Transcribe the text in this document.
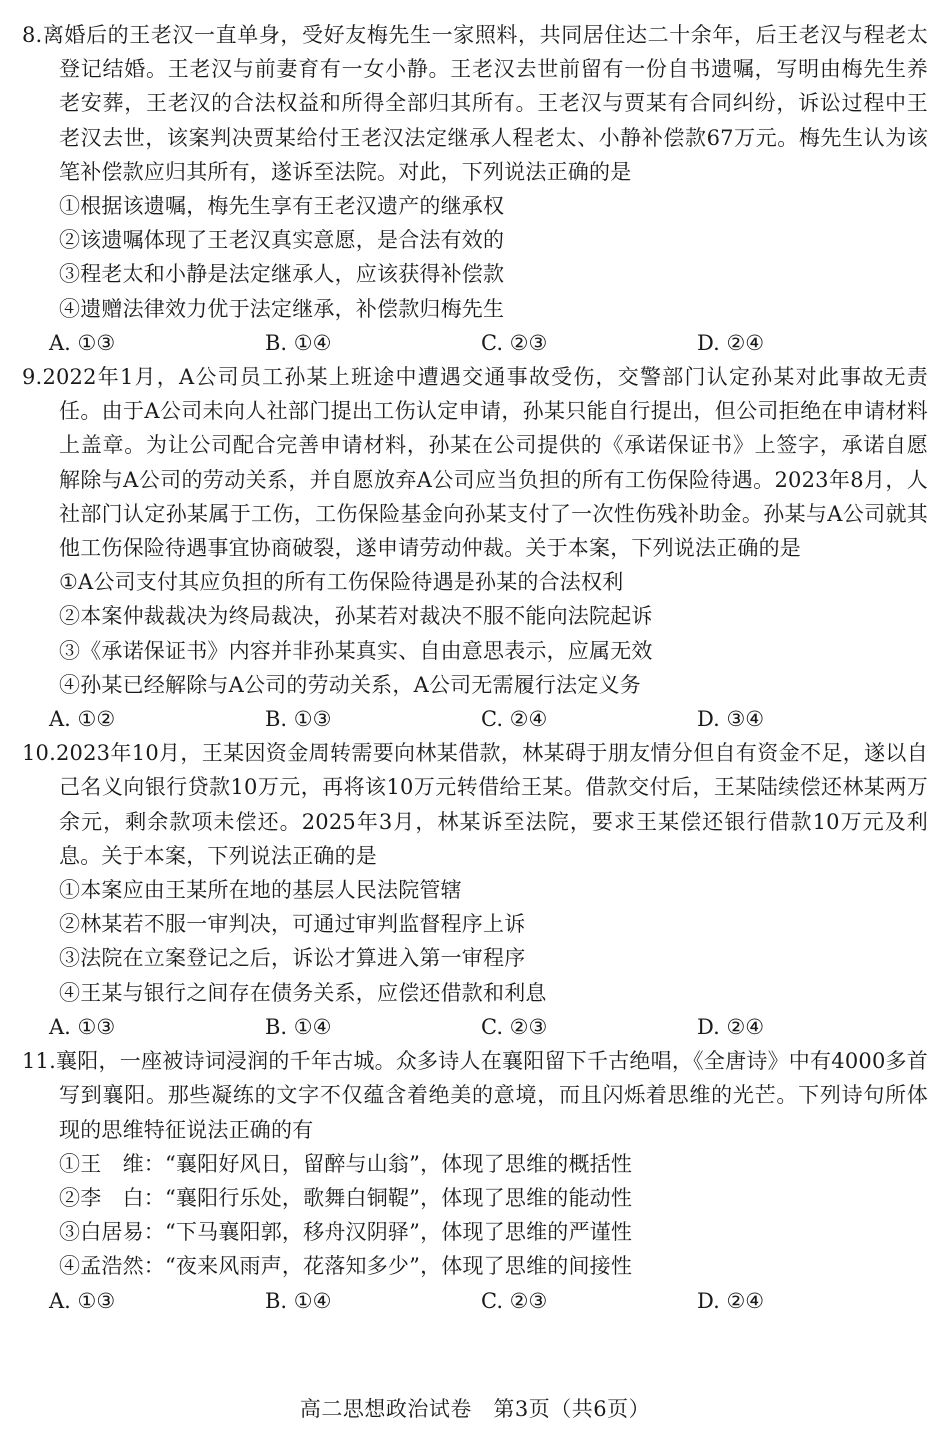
8.离婚后的王老汉一直单身，受好友梅先生一家照料，共同居住达二十余年，后王老汉与程老太登记结婚。王老汉与前妻育有一女小静。王老汉去世前留有一份自书遗嘱，写明由梅先生养老安葬，王老汉的合法权益和所得全部归其所有。王老汉与贾某有合同纠纷，诉讼过程中王老汉去世，该案判决贾某给付王老汉法定继承人程老太、小静补偿款67万元。梅先生认为该笔补偿款应归其所有，遂诉至法院。对此，下列说法正确的是

①根据该遗嘱，梅先生享有王老汉遗产的继承权

②该遗嘱体现了王老汉真实意愿，是合法有效的

③程老太和小静是法定继承人，应该获得补偿款

④遗赠法律效力优于法定继承，补偿款归梅先生

A. ①③	B. ①④	C. ②③	D. ②④

9.2022年1月，A公司员工孙某上班途中遭遇交通事故受伤，交警部门认定孙某对此事故无责任。由于A公司未向人社部门提出工伤认定申请，孙某只能自行提出，但公司拒绝在申请材料上盖章。为让公司配合完善申请材料，孙某在公司提供的《承诺保证书》上签字，承诺自愿解除与A公司的劳动关系，并自愿放弃A公司应当负担的所有工伤保险待遇。2023年8月，人社部门认定孙某属于工伤，工伤保险基金向孙某支付了一次性伤残补助金。孙某与A公司就其他工伤保险待遇事宜协商破裂，遂申请劳动仲裁。关于本案，下列说法正确的是

①A公司支付其应负担的所有工伤保险待遇是孙某的合法权利

②本案仲裁裁决为终局裁决，孙某若对裁决不服不能向法院起诉

③《承诺保证书》内容并非孙某真实、自由意思表示，应属无效

④孙某已经解除与A公司的劳动关系，A公司无需履行法定义务

A. ①②	B. ①③	C. ②④	D. ③④

10.2023年10月，王某因资金周转需要向林某借款，林某碍于朋友情分但自有资金不足，遂以自己名义向银行贷款10万元，再将该10万元转借给王某。借款交付后，王某陆续偿还林某两万余元，剩余款项未偿还。2025年3月，林某诉至法院，要求王某偿还银行借款10万元及利息。关于本案，下列说法正确的是

①本案应由王某所在地的基层人民法院管辖

②林某若不服一审判决，可通过审判监督程序上诉

③法院在立案登记之后，诉讼才算进入第一审程序

④王某与银行之间存在债务关系，应偿还借款和利息

A. ①③	B. ①④	C. ②③	D. ②④

11.襄阳，一座被诗词浸润的千年古城。众多诗人在襄阳留下千古绝唱，《全唐诗》中有4000多首写到襄阳。那些凝练的文字不仅蕴含着绝美的意境，而且闪烁着思维的光芒。下列诗句所体现的思维特征说法正确的有

①王　维：“襄阳好风日，留醉与山翁”，体现了思维的概括性

②李　白：“襄阳行乐处，歌舞白铜鞮”，体现了思维的能动性

③白居易：“下马襄阳郭，移舟汉阴驿”，体现了思维的严谨性

④孟浩然：“夜来风雨声，花落知多少”，体现了思维的间接性

A. ①③	B. ①④	C. ②③	D. ②④
高二思想政治试卷　第3页（共6页）
